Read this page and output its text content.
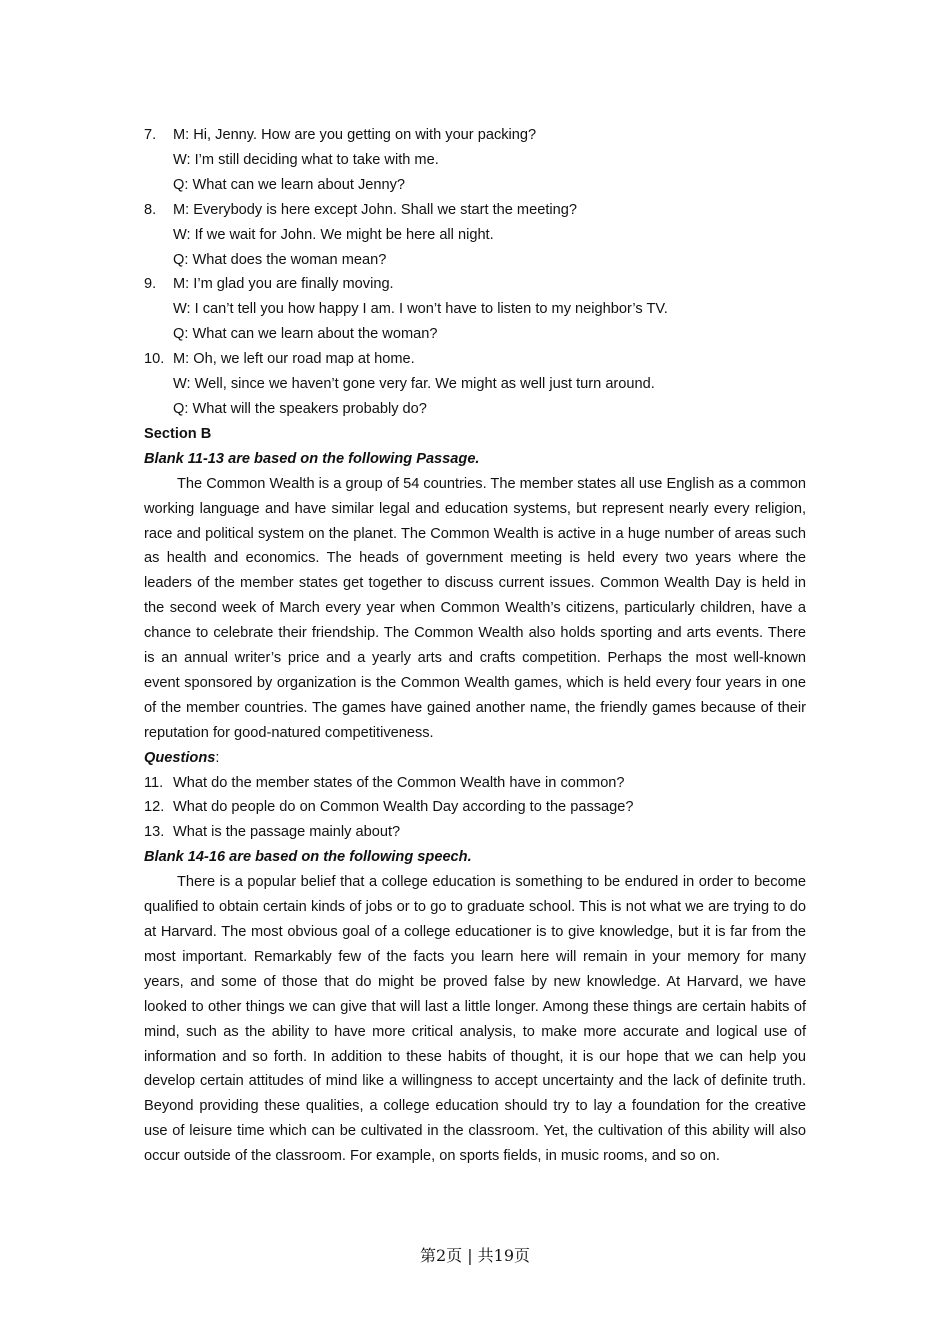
7.	M: Hi, Jenny. How are you getting on with your packing?
W: I’m still deciding what to take with me.
Q: What can we learn about Jenny?
8.	M: Everybody is here except John. Shall we start the meeting?
W: If we wait for John. We might be here all night.
Q: What does the woman mean?
9.	M: I’m glad you are finally moving.
W: I can’t tell you how happy I am. I won’t have to listen to my neighbor’s TV.
Q: What can we learn about the woman?
10. M: Oh, we left our road map at home.
W: Well, since we haven’t gone very far. We might as well just turn around.
Q: What will the speakers probably do?
Section B
Blank 11-13 are based on the following Passage.

The Common Wealth is a group of 54 countries. The member states all use English as a common working language and have similar legal and education systems, but represent nearly every religion, race and political system on the planet. The Common Wealth is active in a huge number of areas such as health and economics. The heads of government meeting is held every two years where the leaders of the member states get together to discuss current issues. Common Wealth Day is held in the second week of March every year when Common Wealth’s citizens, particularly children, have a chance to celebrate their friendship. The Common Wealth also holds sporting and arts events. There is an annual writer’s price and a yearly arts and crafts competition. Perhaps the most well-known event sponsored by organization is the Common Wealth games, which is held every four years in one of the member countries. The games have gained another name, the friendly games because of their reputation for good-natured competitiveness.

Questions:
11. What do the member states of the Common Wealth have in common?
12. What do people do on Common Wealth Day according to the passage?
13. What is the passage mainly about?
Blank 14-16 are based on the following speech.

There is a popular belief that a college education is something to be endured in order to become qualified to obtain certain kinds of jobs or to go to graduate school. This is not what we are trying to do at Harvard. The most obvious goal of a college educationer is to give knowledge, but it is far from the most important. Remarkably few of the facts you learn here will remain in your memory for many years, and some of those that do might be proved false by new knowledge. At Harvard, we have looked to other things we can give that will last a little longer. Among these things are certain habits of mind, such as the ability to have more critical analysis, to make more accurate and logical use of information and so forth. In addition to these habits of thought, it is our hope that we can help you develop certain attitudes of mind like a willingness to accept uncertainty and the lack of definite truth. Beyond providing these qualities, a college education should try to lay a foundation for the creative use of leisure time which can be cultivated in the classroom. Yet, the cultivation of this ability will also occur outside of the classroom. For example, on sports fields, in music rooms, and so on.

第2页 | 共19页
